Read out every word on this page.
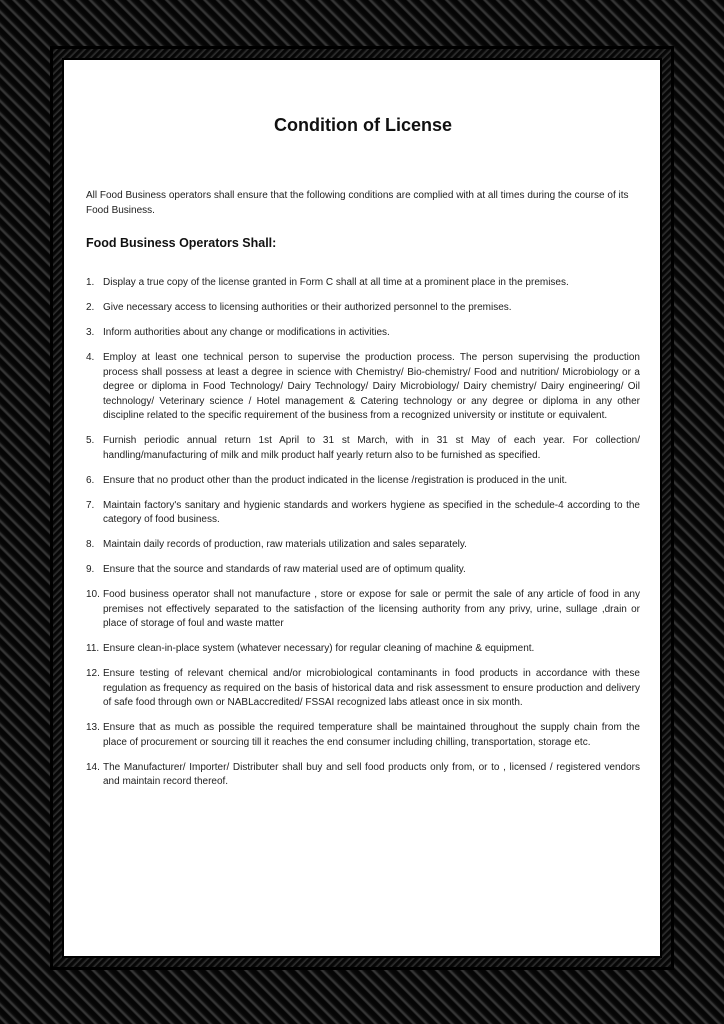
Condition of License

All Food Business operators shall ensure that the following conditions are complied with at all times during the course of its Food Business.

Food Business Operators Shall:
1. Display a true copy of the license granted in Form C shall at all time at a prominent place in the premises.
2. Give necessary access to licensing authorities or their authorized personnel to the premises.
3. Inform authorities about any change or modifications in activities.
4. Employ at least one technical person to supervise the production process. The person supervising the production process shall possess at least a degree in science with Chemistry/ Bio-chemistry/ Food and nutrition/ Microbiology or a degree or diploma in Food Technology/ Dairy Technology/ Dairy Microbiology/ Dairy chemistry/ Dairy engineering/ Oil technology/ Veterinary science / Hotel management & Catering technology or any degree or diploma in any other discipline related to the specific requirement of the business from a recognized university or institute or equivalent.
5. Furnish periodic annual return 1st April to 31 st March, with in 31 st May of each year. For collection/ handling/manufacturing of milk and milk product half yearly return also to be furnished as specified.
6. Ensure that no product other than the product indicated in the license /registration is produced in the unit.
7. Maintain factory's sanitary and hygienic standards and workers hygiene as specified in the schedule-4 according to the category of food business.
8. Maintain daily records of production, raw materials utilization and sales separately.
9. Ensure that the source and standards of raw material used are of optimum quality.
10. Food business operator shall not manufacture , store or expose for sale or permit the sale of any article of food in any premises not effectively separated to the satisfaction of the licensing authority from any privy, urine, sullage ,drain or place of storage of foul and waste matter
11. Ensure clean-in-place system (whatever necessary) for regular cleaning of machine & equipment.
12. Ensure testing of relevant chemical and/or microbiological contaminants in food products in accordance with these regulation as frequency as required on the basis of historical data and risk assessment to ensure production and delivery of safe food through own or NABLaccredited/ FSSAI recognized labs atleast once in six month.
13. Ensure that as much as possible the required temperature shall be maintained throughout the supply chain from the place of procurement or sourcing till it reaches the end consumer including chilling, transportation, storage etc.
14. The Manufacturer/ Importer/ Distributer shall buy and sell food products only from, or to , licensed / registered vendors and maintain record thereof.
